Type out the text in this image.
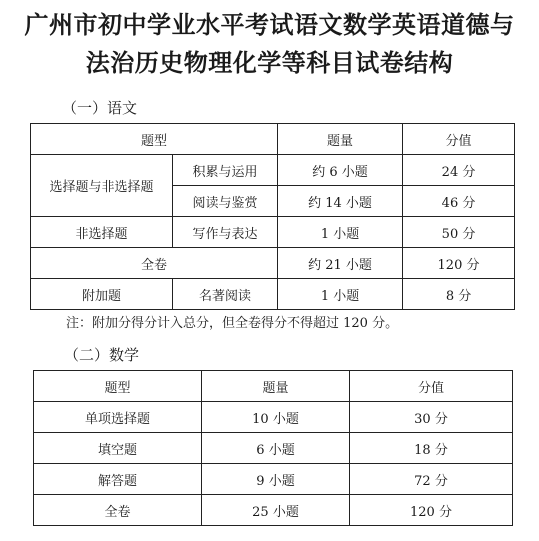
广州市初中学业水平考试语文数学英语道德与
法治历史物理化学等科目试卷结构
（一）语文
题型		题量	分值
选择题与非选择题	积累与运用	约 6 小题	24 分
	阅读与鉴赏	约 14 小题	46 分
非选择题	写作与表达	1 小题	50 分
全卷		约 21 小题	120 分
附加题	名著阅读	1 小题	8 分
注：附加分得分计入总分，但全卷得分不得超过 120 分。
（二）数学
题型	题量	分值
单项选择题	10 小题	30 分
填空题	6 小题	18 分
解答题	9 小题	72 分
全卷	25 小题	120 分
